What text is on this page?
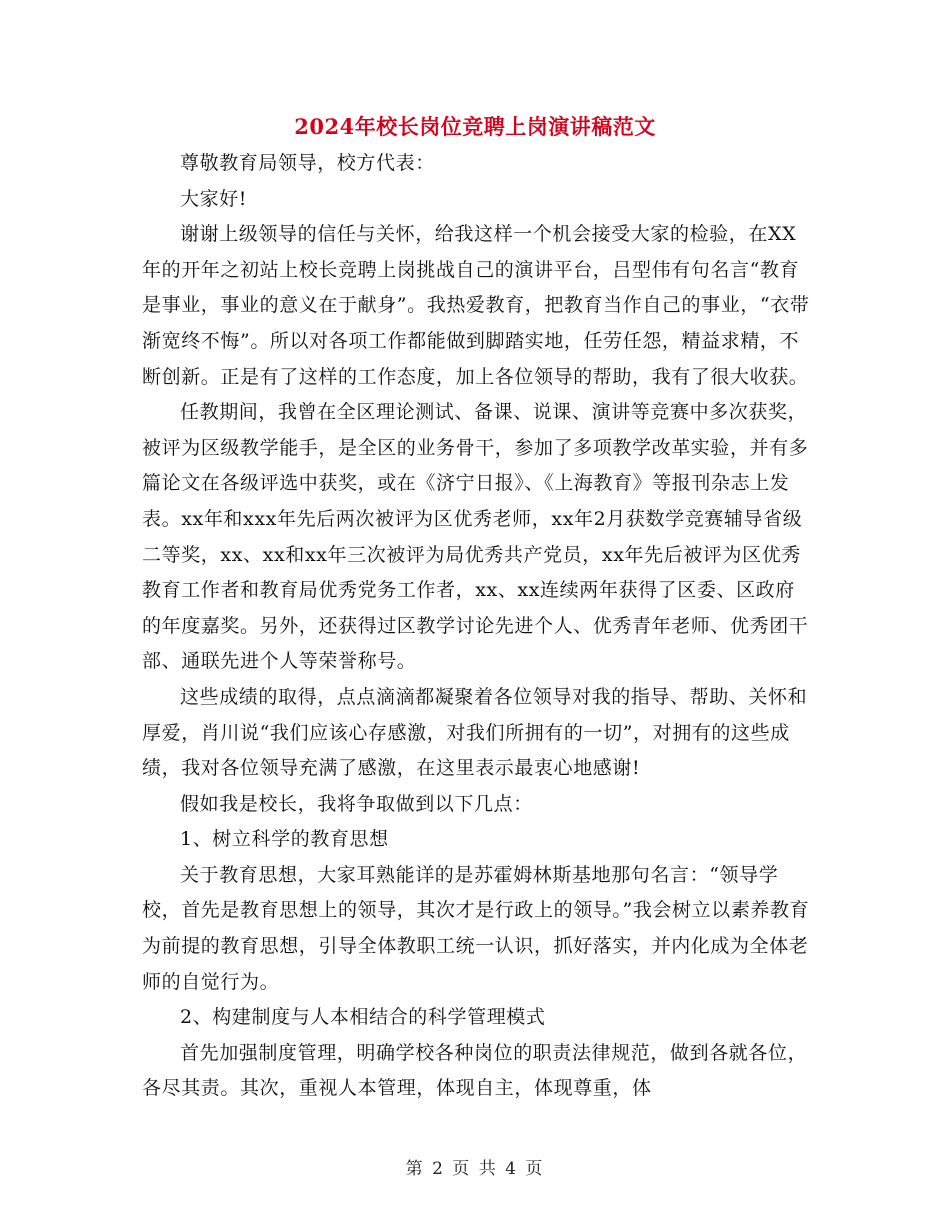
2024年校长岗位竞聘上岗演讲稿范文

尊敬教育局领导，校方代表：

大家好!

谢谢上级领导的信任与关怀，给我这样一个机会接受大家的检验，在XX年的开年之初站上校长竞聘上岗挑战自己的演讲平台，吕型伟有句名言“教育是事业，事业的意义在于献身”。我热爱教育，把教育当作自己的事业，“衣带渐宽终不悔”。所以对各项工作都能做到脚踏实地，任劳任怨，精益求精，不断创新。正是有了这样的工作态度，加上各位领导的帮助，我有了很大收获。

任教期间，我曾在全区理论测试、备课、说课、演讲等竞赛中多次获奖，被评为区级教学能手，是全区的业务骨干，参加了多项教学改革实验，并有多篇论文在各级评选中获奖，或在《济宁日报》、《上海教育》等报刊杂志上发表。xx年和xxx年先后两次被评为区优秀老师，xx年2月获数学竞赛辅导省级二等奖，xx、xx和xx年三次被评为局优秀共产党员，xx年先后被评为区优秀教育工作者和教育局优秀党务工作者，xx、xx连续两年获得了区委、区政府的年度嘉奖。另外，还获得过区教学讨论先进个人、优秀青年老师、优秀团干部、通联先进个人等荣誉称号。

这些成绩的取得，点点滴滴都凝聚着各位领导对我的指导、帮助、关怀和厚爱，肖川说“我们应该心存感激，对我们所拥有的一切”，对拥有的这些成绩，我对各位领导充满了感激，在这里表示最衷心地感谢!

假如我是校长，我将争取做到以下几点：

1、树立科学的教育思想

关于教育思想，大家耳熟能详的是苏霍姆林斯基地那句名言：“领导学校，首先是教育思想上的领导，其次才是行政上的领导。”我会树立以素养教育为前提的教育思想，引导全体教职工统一认识，抓好落实，并内化成为全体老师的自觉行为。

2、构建制度与人本相结合的科学管理模式

首先加强制度管理，明确学校各种岗位的职责法律规范，做到各就各位，各尽其责。其次，重视人本管理，体现自主，体现尊重，体

第 2 页 共 4 页
